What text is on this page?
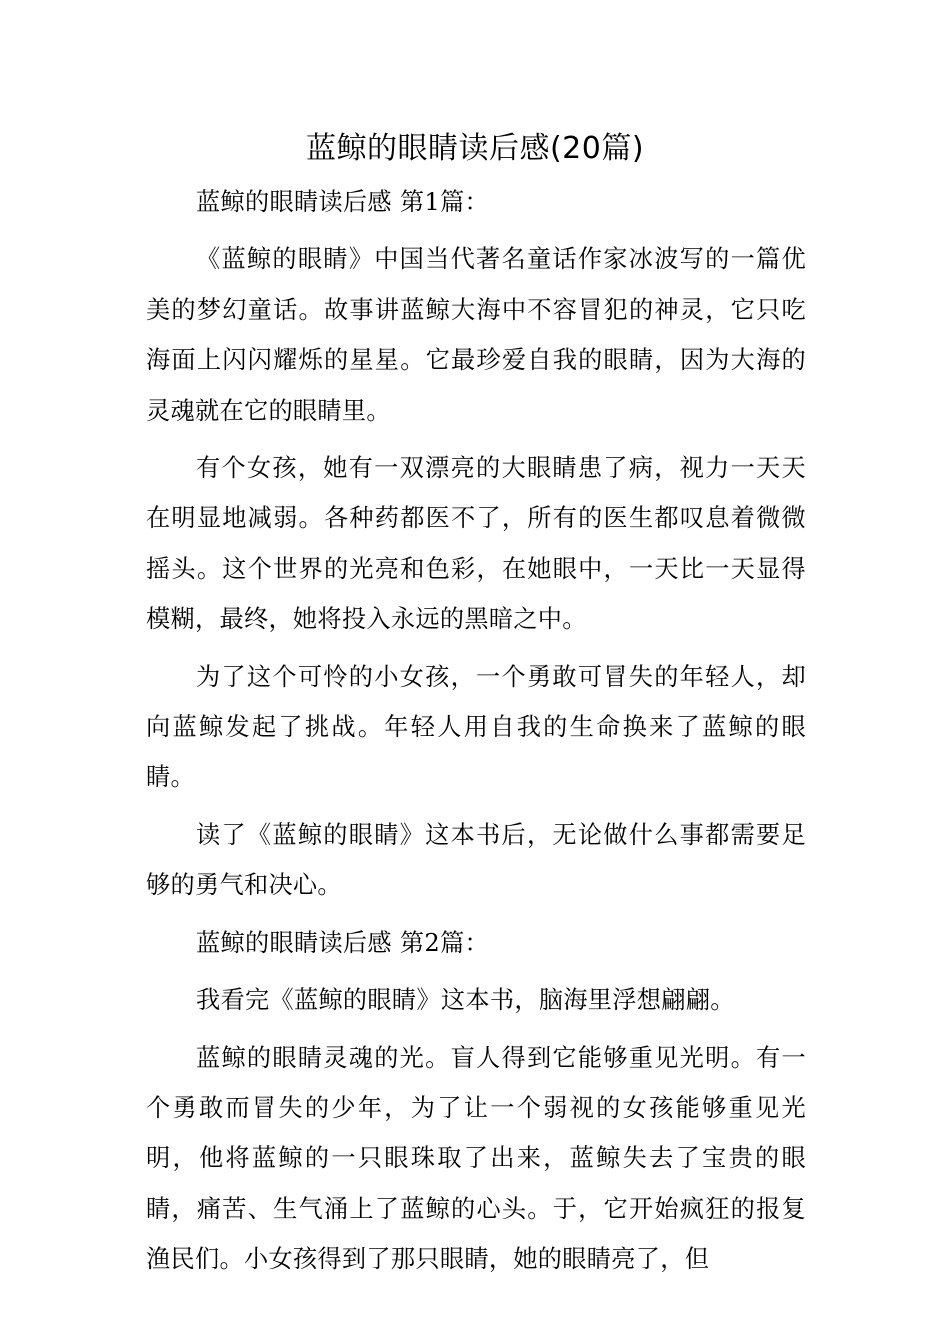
蓝鲸的眼睛读后感(20篇)

蓝鲸的眼睛读后感 第1篇：

《蓝鲸的眼睛》中国当代著名童话作家冰波写的一篇优美的梦幻童话。故事讲蓝鲸大海中不容冒犯的神灵，它只吃海面上闪闪耀烁的星星。它最珍爱自我的眼睛，因为大海的灵魂就在它的眼睛里。

有个女孩，她有一双漂亮的大眼睛患了病，视力一天天在明显地减弱。各种药都医不了，所有的医生都叹息着微微摇头。这个世界的光亮和色彩，在她眼中，一天比一天显得模糊，最终，她将投入永远的黑暗之中。

为了这个可怜的小女孩，一个勇敢可冒失的年轻人，却向蓝鲸发起了挑战。年轻人用自我的生命换来了蓝鲸的眼睛。

读了《蓝鲸的眼睛》这本书后，无论做什么事都需要足够的勇气和决心。

蓝鲸的眼睛读后感 第2篇：

我看完《蓝鲸的眼睛》这本书，脑海里浮想翩翩。

蓝鲸的眼睛灵魂的光。盲人得到它能够重见光明。有一个勇敢而冒失的少年，为了让一个弱视的女孩能够重见光明，他将蓝鲸的一只眼珠取了出来，蓝鲸失去了宝贵的眼睛，痛苦、生气涌上了蓝鲸的心头。于，它开始疯狂的报复渔民们。小女孩得到了那只眼睛，她的眼睛亮了，但
